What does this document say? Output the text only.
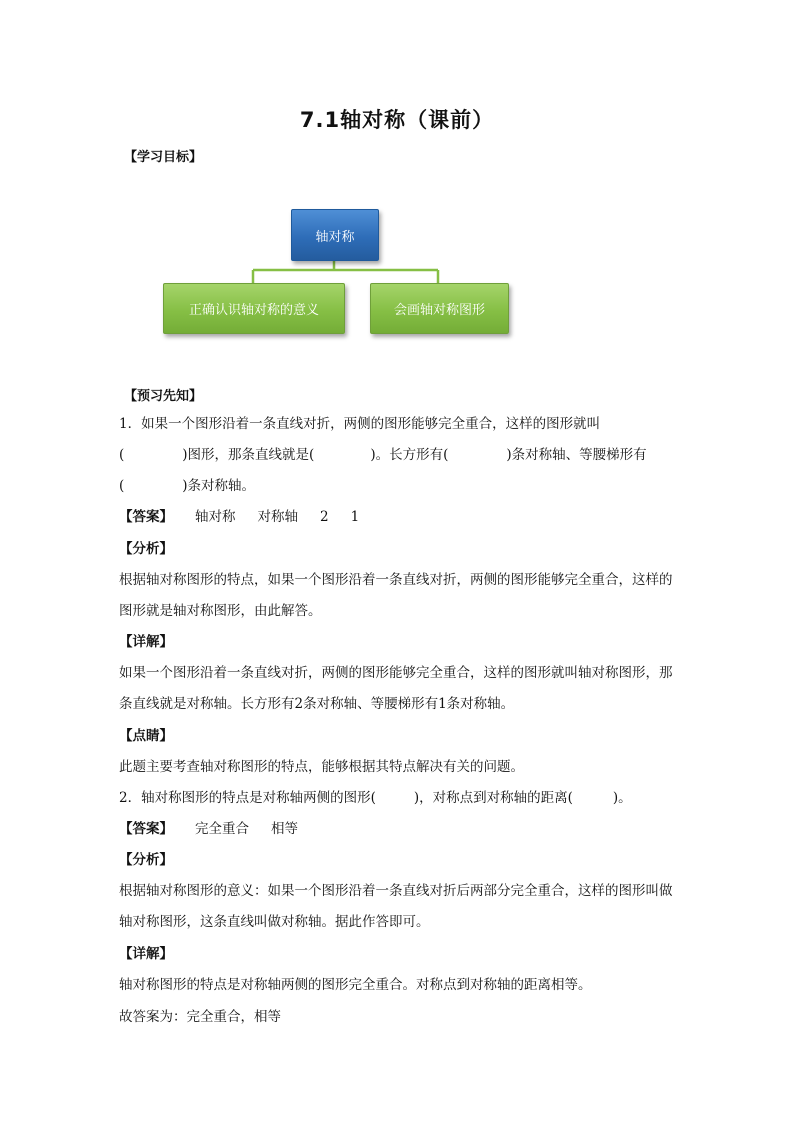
7.1轴对称（课前）
【学习目标】
轴对称
正确认识轴对称的意义	会画轴对称图形
【预习先知】
1．如果一个图形沿着一条直线对折，两侧的图形能够完全重合，这样的图形就叫
(	)图形，那条直线就是(	)。长方形有(	)条对称轴、等腰梯形有
(	)条对称轴。
【答案】 轴对称 对称轴 2 1
【分析】
根据轴对称图形的特点，如果一个图形沿着一条直线对折，两侧的图形能够完全重合，这样的图形就是轴对称图形，由此解答。
【详解】
如果一个图形沿着一条直线对折，两侧的图形能够完全重合，这样的图形就叫轴对称图形，那条直线就是对称轴。长方形有2条对称轴、等腰梯形有1条对称轴。
【点睛】
此题主要考查轴对称图形的特点，能够根据其特点解决有关的问题。
2．轴对称图形的特点是对称轴两侧的图形(	)，对称点到对称轴的距离(	)。
【答案】 完全重合 相等
【分析】
根据轴对称图形的意义：如果一个图形沿着一条直线对折后两部分完全重合，这样的图形叫做轴对称图形，这条直线叫做对称轴。据此作答即可。
【详解】
轴对称图形的特点是对称轴两侧的图形完全重合。对称点到对称轴的距离相等。
故答案为：完全重合，相等
